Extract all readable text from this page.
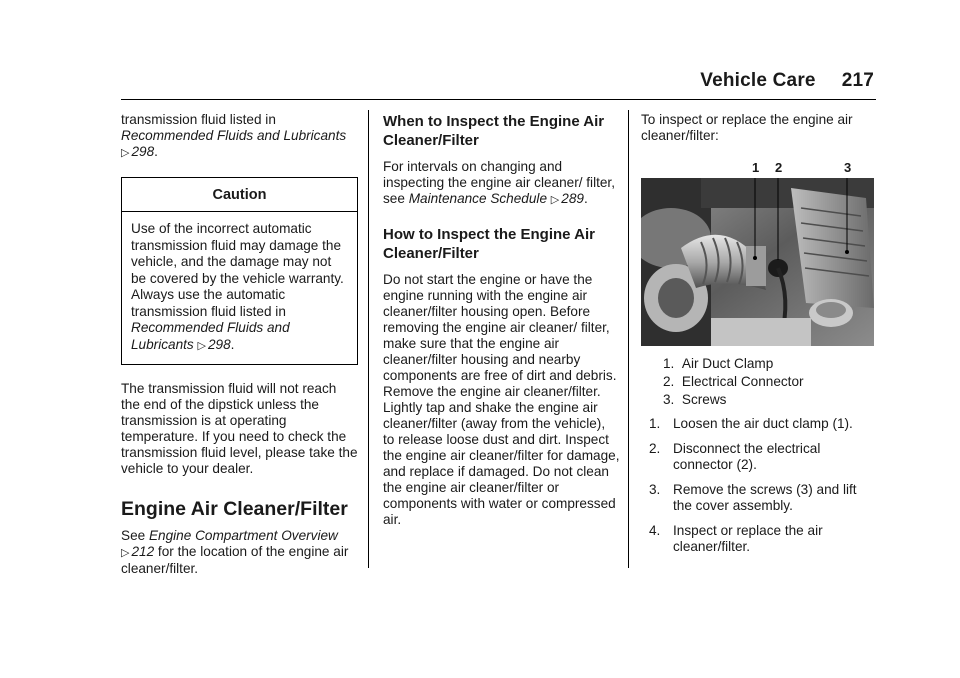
Vehicle Care 217

transmission fluid listed in Recommended Fluids and Lubricants ▷ 298.

Caution
Use of the incorrect automatic transmission fluid may damage the vehicle, and the damage may not be covered by the vehicle warranty. Always use the automatic transmission fluid listed in Recommended Fluids and Lubricants ▷ 298.

The transmission fluid will not reach the end of the dipstick unless the transmission is at operating temperature. If you need to check the transmission fluid level, please take the vehicle to your dealer.

Engine Air Cleaner/Filter

See Engine Compartment Overview ▷ 212 for the location of the engine air cleaner/filter.

When to Inspect the Engine Air Cleaner/Filter

For intervals on changing and inspecting the engine air cleaner/ filter, see Maintenance Schedule ▷ 289.

How to Inspect the Engine Air Cleaner/Filter

Do not start the engine or have the engine running with the engine air cleaner/filter housing open. Before removing the engine air cleaner/ filter, make sure that the engine air cleaner/filter housing and nearby components are free of dirt and debris. Remove the engine air cleaner/filter. Lightly tap and shake the engine air cleaner/filter (away from the vehicle), to release loose dust and dirt. Inspect the engine air cleaner/filter for damage, and replace if damaged. Do not clean the engine air cleaner/filter or components with water or compressed air.

To inspect or replace the engine air cleaner/filter:

1 2	3
1. Air Duct Clamp
2. Electrical Connector
3. Screws
1. Loosen the air duct clamp (1).
2. Disconnect the electrical connector (2).
3. Remove the screws (3) and lift the cover assembly.
4. Inspect or replace the air cleaner/filter.
